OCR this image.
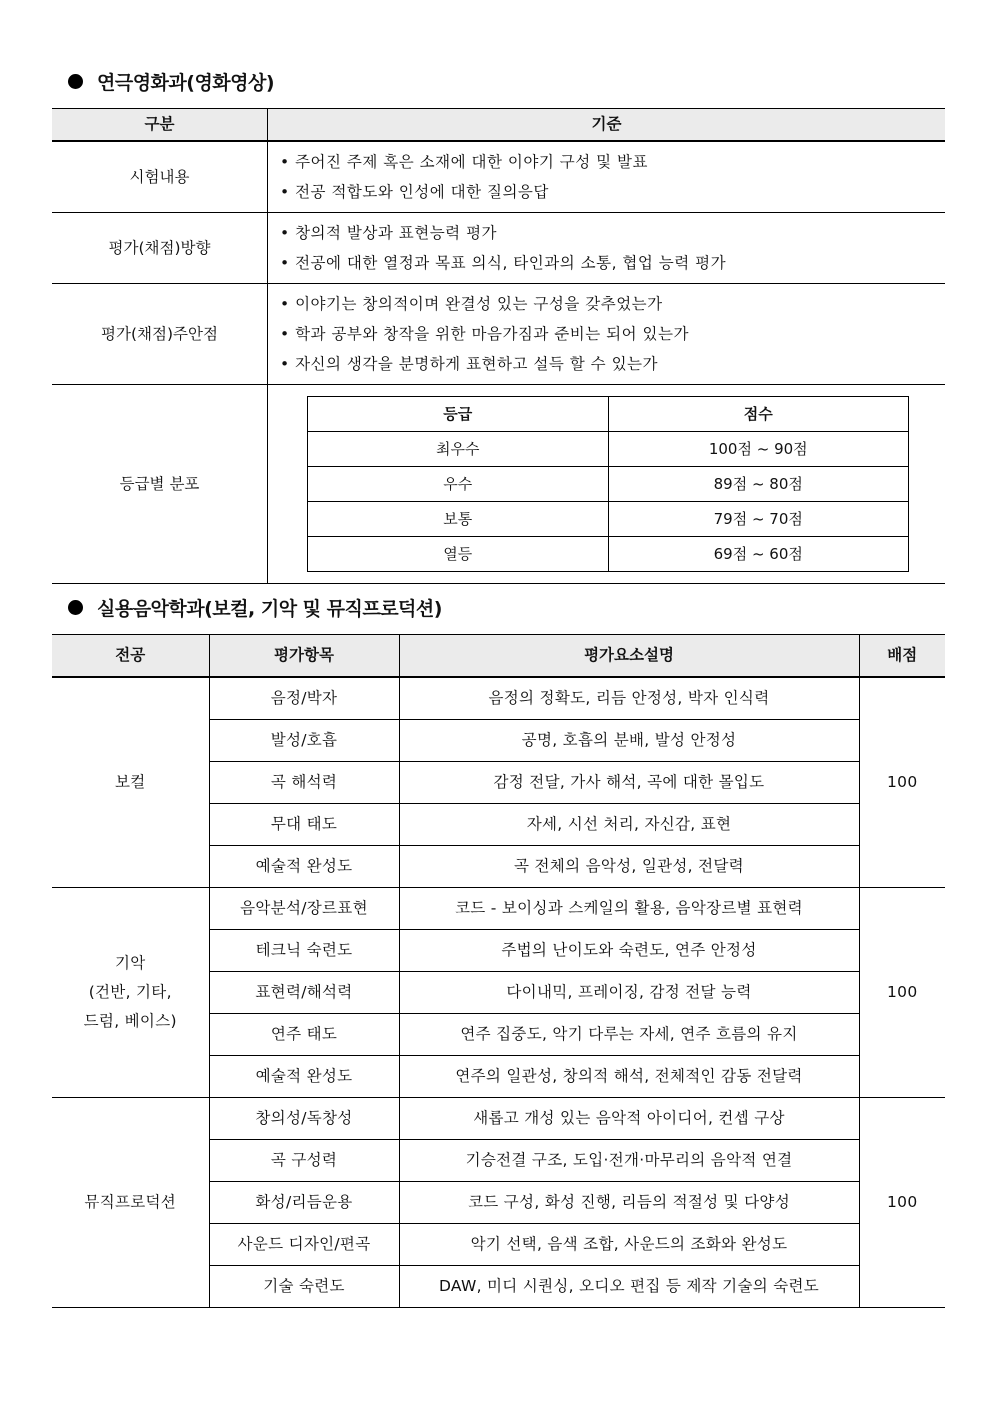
연극영화과(영화영상)
구분	기준
시험내용	
• 주어진 주제 혹은 소재에 대한 이야기 구성 및 발표
• 전공 적합도와 인성에 대한 질의응답

평가(채점)방향	
• 창의적 발상과 표현능력 평가
• 전공에 대한 열정과 목표 의식, 타인과의 소통, 협업 능력 평가

평가(채점)주안점	
• 이야기는 창의적이며 완결성 있는 구성을 갖추었는가
• 학과 공부와 창작을 위한 마음가짐과 준비는 되어 있는가
• 자신의 생각을 분명하게 표현하고 설득 할 수 있는가

등급별 분포	
등급	점수
최우수	100점 ~ 90점
우수	89점 ~ 80점
보통	79점 ~ 70점
열등	69점 ~ 60점
실용음악학과(보컬, 기악 및 뮤직프로덕션)
전공	평가항목	평가요소설명	배점
보컬	음정/박자	음정의 정확도, 리듬 안정성, 박자 인식력	100
	발성/호흡	공명, 호흡의 분배, 발성 안정성	
	곡 해석력	감정 전달, 가사 해석, 곡에 대한 몰입도	
	무대 태도	자세, 시선 처리, 자신감, 표현	
	예술적 완성도	곡 전체의 음악성, 일관성, 전달력	

기악
(건반, 기타,
드럼, 베이스)	음악분석/장르표현	코드 - 보이싱과 스케일의 활용, 음악장르별 표현력	100
	테크닉 숙련도	주법의 난이도와 숙련도, 연주 안정성	
	표현력/해석력	다이내믹, 프레이징, 감정 전달 능력	
	연주 태도	연주 집중도, 악기 다루는 자세, 연주 흐름의 유지	
	예술적 완성도	연주의 일관성, 창의적 해석, 전체적인 감동 전달력	
뮤직프로덕션	창의성/독창성	새롭고 개성 있는 음악적 아이디어, 컨셉 구상	100
	곡 구성력	기승전결 구조, 도입·전개·마무리의 음악적 연결	
	화성/리듬운용	코드 구성, 화성 진행, 리듬의 적절성 및 다양성	
	사운드 디자인/편곡	악기 선택, 음색 조합, 사운드의 조화와 완성도	
	기술 숙련도	DAW, 미디 시퀀싱, 오디오 편집 등 제작 기술의 숙련도	
